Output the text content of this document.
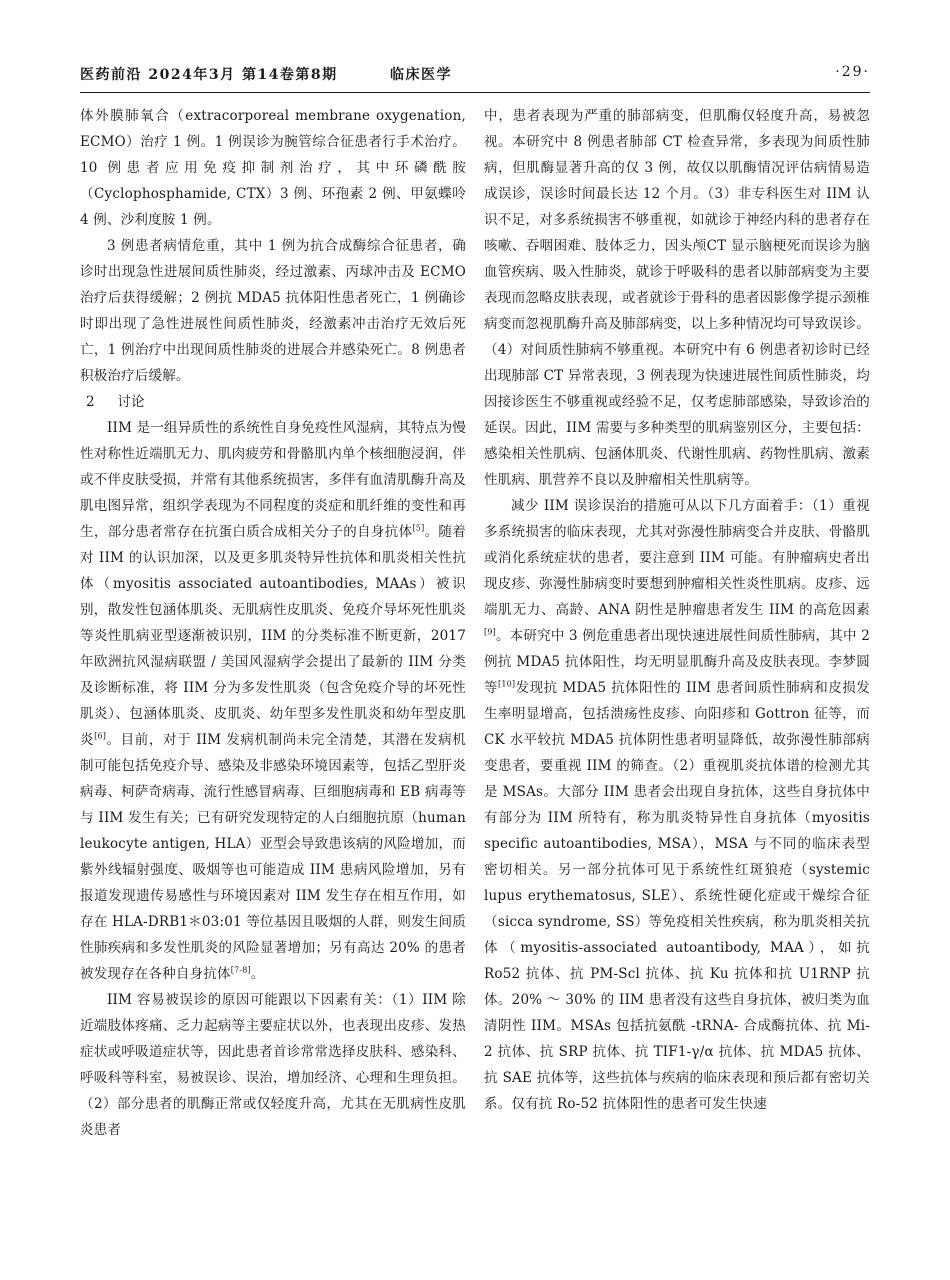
医药前沿 2024年3月 第14卷第8期	临床医学	·29·

体外膜肺氧合（extracorporeal membrane oxygenation, ECMO）治疗 1 例。1 例误诊为腕管综合征患者行手术治疗。10 例患者应用免疫抑制剂治疗，其中环磷酰胺（Cyclophosphamide, CTX）3 例、环孢素 2 例、甲氨蝶呤 4 例、沙利度胺 1 例。

3 例患者病情危重，其中 1 例为抗合成酶综合征患者，确诊时出现急性进展间质性肺炎，经过激素、丙球冲击及 ECMO 治疗后获得缓解；2 例抗 MDA5 抗体阳性患者死亡，1 例确诊时即出现了急性进展性间质性肺炎，经激素冲击治疗无效后死亡，1 例治疗中出现间质性肺炎的进展合并感染死亡。8 例患者积极治疗后缓解。

2 讨论

IIM 是一组异质性的系统性自身免疫性风湿病，其特点为慢性对称性近端肌无力、肌肉疲劳和骨骼肌内单个核细胞浸润，伴或不伴皮肤受损，并常有其他系统损害，多伴有血清肌酶升高及肌电图异常，组织学表现为不同程度的炎症和肌纤维的变性和再生，部分患者常存在抗蛋白质合成相关分子的自身抗体[5]。随着对 IIM 的认识加深，以及更多肌炎特异性抗体和肌炎相关性抗体（myositis associated autoantibodies, MAAs）被识别，散发性包涵体肌炎、无肌病性皮肌炎、免疫介导坏死性肌炎等炎性肌病亚型逐渐被识别，IIM 的分类标准不断更新，2017 年欧洲抗风湿病联盟 / 美国风湿病学会提出了最新的 IIM 分类及诊断标准，将 IIM 分为多发性肌炎（包含免疫介导的坏死性肌炎）、包涵体肌炎、皮肌炎、幼年型多发性肌炎和幼年型皮肌炎[6]。目前，对于 IIM 发病机制尚未完全清楚，其潜在发病机制可能包括免疫介导、感染及非感染环境因素等，包括乙型肝炎病毒、柯萨奇病毒、流行性感冒病毒、巨细胞病毒和 EB 病毒等与 IIM 发生有关；已有研究发现特定的人白细胞抗原（human leukocyte antigen, HLA）亚型会导致患该病的风险增加，而紫外线辐射强度、吸烟等也可能造成 IIM 患病风险增加，另有报道发现遗传易感性与环境因素对 IIM 发生存在相互作用，如存在 HLA-DRB1＊03:01 等位基因且吸烟的人群，则发生间质性肺疾病和多发性肌炎的风险显著增加；另有高达 20% 的患者被发现存在各种自身抗体[7-8]。

IIM 容易被误诊的原因可能跟以下因素有关：（1）IIM 除近端肢体疼痛、乏力起病等主要症状以外，也表现出皮疹、发热症状或呼吸道症状等，因此患者首诊常常选择皮肤科、感染科、呼吸科等科室，易被误诊、误治，增加经济、心理和生理负担。（2）部分患者的肌酶正常或仅轻度升高，尤其在无肌病性皮肌炎患者

中，患者表现为严重的肺部病变，但肌酶仅轻度升高，易被忽视。本研究中 8 例患者肺部 CT 检查异常，多表现为间质性肺病，但肌酶显著升高的仅 3 例，故仅以肌酶情况评估病情易造成误诊，误诊时间最长达 12 个月。（3）非专科医生对 IIM 认识不足，对多系统损害不够重视，如就诊于神经内科的患者存在咳嗽、吞咽困难、肢体乏力，因头颅CT 显示脑梗死而误诊为脑血管疾病、吸入性肺炎，就诊于呼吸科的患者以肺部病变为主要表现而忽略皮肤表现，或者就诊于骨科的患者因影像学提示颈椎病变而忽视肌酶升高及肺部病变，以上多种情况均可导致误诊。（4）对间质性肺病不够重视。本研究中有 6 例患者初诊时已经出现肺部 CT 异常表现，3 例表现为快速进展性间质性肺炎，均因接诊医生不够重视或经验不足，仅考虑肺部感染，导致诊治的延误。因此，IIM 需要与多种类型的肌病鉴别区分，主要包括：感染相关性肌病、包涵体肌炎、代谢性肌病、药物性肌病、激素性肌病、肌营养不良以及肿瘤相关性肌病等。

减少 IIM 误诊误治的措施可从以下几方面着手：（1）重视多系统损害的临床表现，尤其对弥漫性肺病变合并皮肤、骨骼肌或消化系统症状的患者，要注意到 IIM 可能。有肿瘤病史者出现皮疹、弥漫性肺病变时要想到肿瘤相关性炎性肌病。皮疹、远端肌无力、高龄、ANA 阴性是肿瘤患者发生 IIM 的高危因素[9]。本研究中 3 例危重患者出现快速进展性间质性肺病，其中 2 例抗 MDA5 抗体阳性，均无明显肌酶升高及皮肤表现。李梦圆等[10]发现抗 MDA5 抗体阳性的 IIM 患者间质性肺病和皮损发生率明显增高，包括溃疡性皮疹、向阳疹和 Gottron 征等，而 CK 水平较抗 MDA5 抗体阴性患者明显降低，故弥漫性肺部病变患者，要重视 IIM 的筛查。（2）重视肌炎抗体谱的检测尤其是 MSAs。大部分 IIM 患者会出现自身抗体，这些自身抗体中有部分为 IIM 所特有，称为肌炎特异性自身抗体（myositis specific autoantibodies, MSA），MSA 与不同的临床表型密切相关。另一部分抗体可见于系统性红斑狼疮（systemic lupus erythematosus, SLE）、系统性硬化症或干燥综合征（sicca syndrome, SS）等免疫相关性疾病，称为肌炎相关抗体（myositis-associated autoantibody, MAA），如抗 Ro52 抗体、抗 PM-Scl 抗体、抗 Ku 抗体和抗 U1RNP 抗体。20% ～ 30% 的 IIM 患者没有这些自身抗体，被归类为血清阴性 IIM。MSAs 包括抗氨酰 -tRNA- 合成酶抗体、抗 Mi-2 抗体、抗 SRP 抗体、抗 TIF1-γ/α 抗体、抗 MDA5 抗体、抗 SAE 抗体等，这些抗体与疾病的临床表现和预后都有密切关系。仅有抗 Ro-52 抗体阳性的患者可发生快速
